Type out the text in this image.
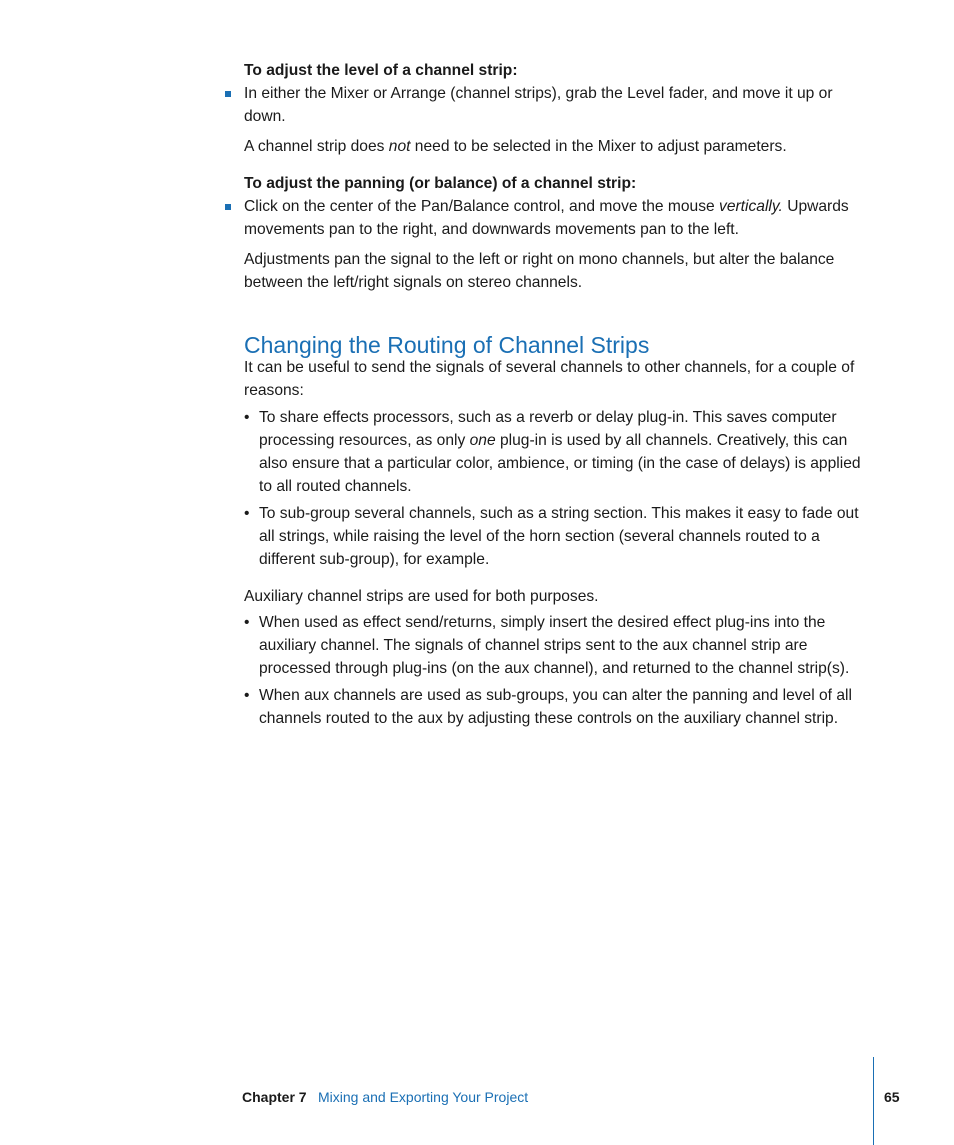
To adjust the level of a channel strip:

In either the Mixer or Arrange (channel strips), grab the Level fader, and move it up or down.

A channel strip does not need to be selected in the Mixer to adjust parameters.

To adjust the panning (or balance) of a channel strip:

Click on the center of the Pan/Balance control, and move the mouse vertically. Upwards movements pan to the right, and downwards movements pan to the left.

Adjustments pan the signal to the left or right on mono channels, but alter the balance between the left/right signals on stereo channels.

Changing the Routing of Channel Strips

It can be useful to send the signals of several channels to other channels, for a couple of reasons:

• To share effects processors, such as a reverb or delay plug-in. This saves computer processing resources, as only one plug-in is used by all channels. Creatively, this can also ensure that a particular color, ambience, or timing (in the case of delays) is applied to all routed channels.

• To sub-group several channels, such as a string section. This makes it easy to fade out all strings, while raising the level of the horn section (several channels routed to a different sub-group), for example.

Auxiliary channel strips are used for both purposes.

• When used as effect send/returns, simply insert the desired effect plug-ins into the auxiliary channel. The signals of channel strips sent to the aux channel strip are processed through plug-ins (on the aux channel), and returned to the channel strip(s).

• When aux channels are used as sub-groups, you can alter the panning and level of all channels routed to the aux by adjusting these controls on the auxiliary channel strip.

Chapter 7 Mixing and Exporting Your Project	65
